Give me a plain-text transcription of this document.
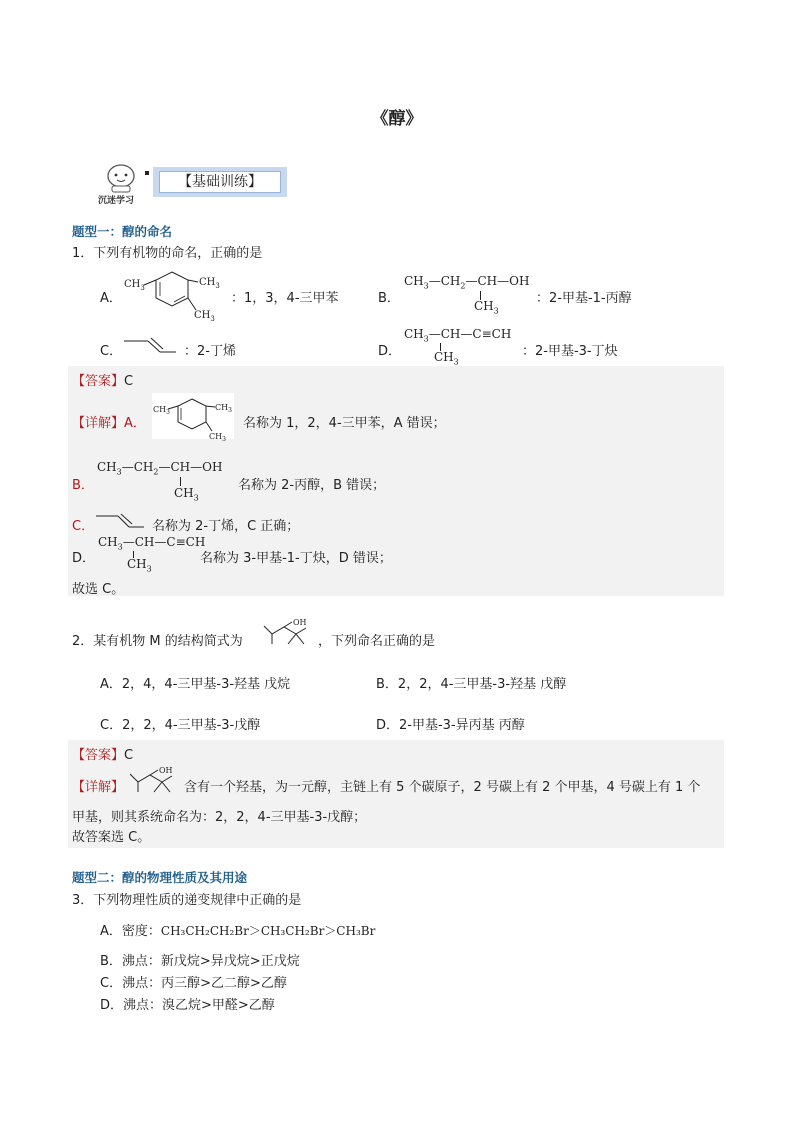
《醇》
沉迷学习
【基础训练】
题型一：醇的命名
1．下列有机物的命名，正确的是
A．
$CH_3$	$CH_3$
$CH_3$
：1，3，4-三甲苯	B．
$CH_3—CH_2—CH—OH$
$CH_3$
：2-甲基-1-丙醇
C．	：2-丁烯	D．
$CH_3—CH—C\equiv CH$
$CH_3$
：2-甲基-3-丁炔
【答案】C
【详解】A．
$CH_3$
$CH_3$
$CH_3$
名称为 1，2，4-三甲苯，A 错误；
B．
$CH_3—CH_2—CH—OH$
$CH_3$
名称为 2-丙醇，B 错误；
C．	名称为 2-丁烯，C 正确；
D．
$CH_3—CH—C\equiv CH$
$CH_3$
名称为 3-甲基-1-丁炔，D 错误；
故选 C。
2．某有机物 M 的结构简式为
OH
，下列命名正确的是
A．2，4，4-三甲基-3-羟基 戊烷	B．2，2，4-三甲基-3-羟基 戊醇
C．2，2，4-三甲基-3-戊醇	D．2-甲基-3-异丙基 丙醇
【答案】C
【详解】
OH
含有一个羟基，为一元醇，主链上有 5 个碳原子，2 号碳上有 2 个甲基，4 号碳上有 1 个
甲基，则其系统命名为：2，2，4-三甲基-3-戊醇；
故答案选 C。
题型二：醇的物理性质及其用途
3．下列物理性质的递变规律中正确的是
A．密度：CH₃CH₂CH₂Br＞CH₃CH₂Br＞CH₃Br
B．沸点：新戊烷>异戊烷>正戊烷
C．沸点：丙三醇>乙二醇>乙醇
D．沸点：溴乙烷>甲醛>乙醇
